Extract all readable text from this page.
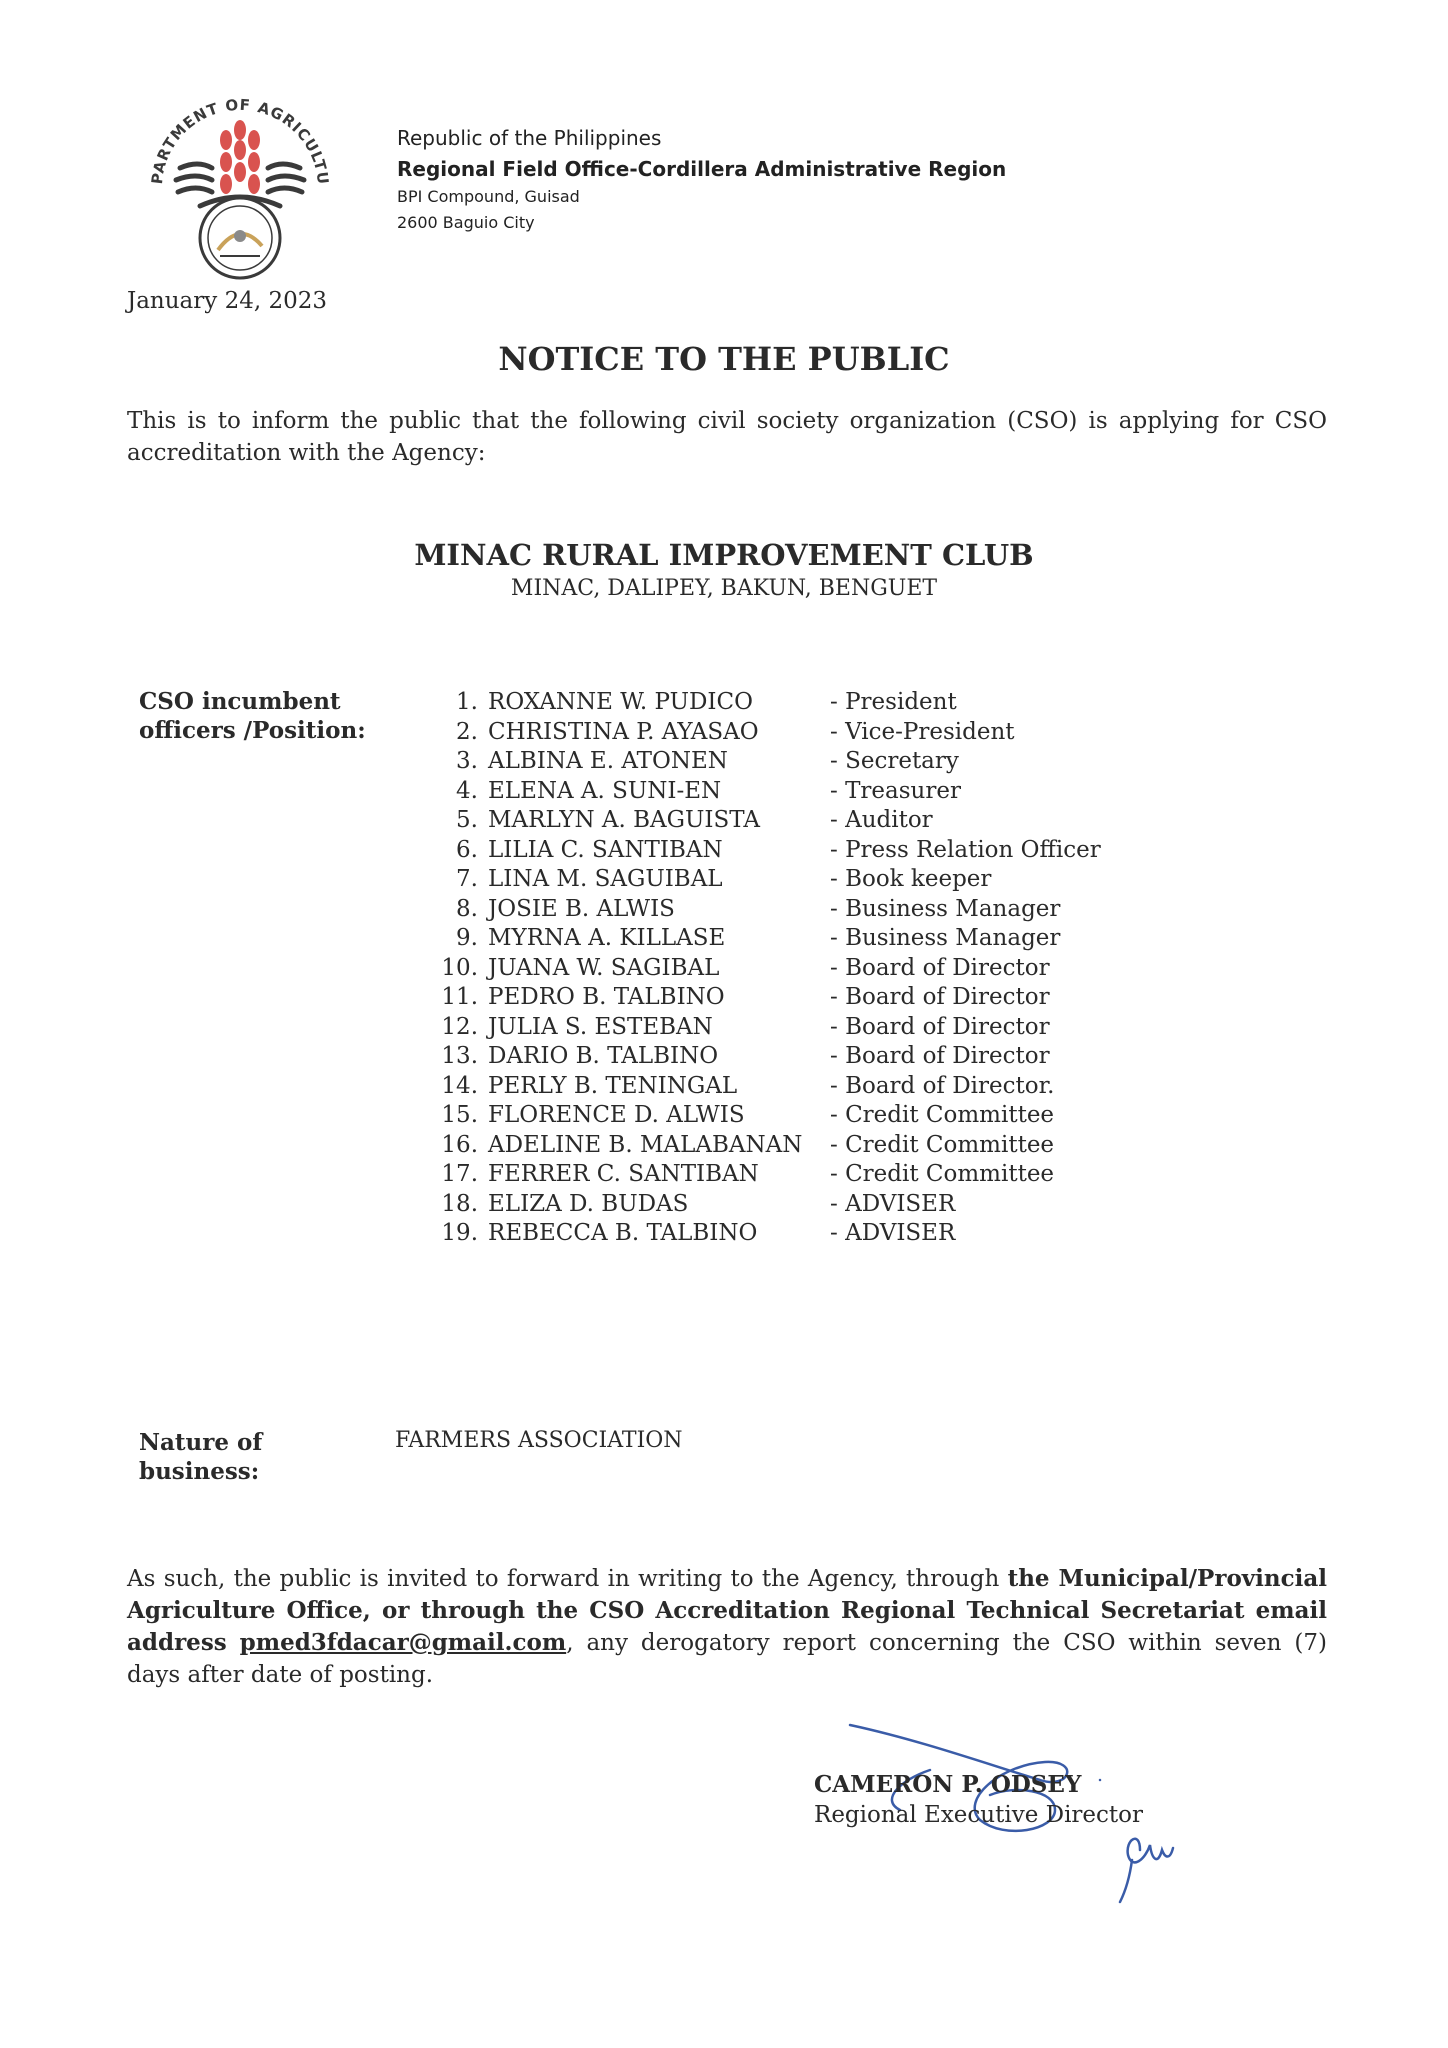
PARTMENT OF AGRICULTU
Republic of the Philippines
Regional Field Office-Cordillera Administrative Region
BPI Compound, Guisad
2600 Baguio City
January 24, 2023
NOTICE TO THE PUBLIC
This is to inform the public that the following civil society organization (CSO) is applying for CSO accreditation with the Agency:
MINAC RURAL IMPROVEMENT CLUB
MINAC, DALIPEY, BAKUN, BENGUET
CSO incumbent officers /Position:
1. ROXANNE W. PUDICO	- President
2. CHRISTINA P. AYASAO	- Vice-President
3. ALBINA E. ATONEN	- Secretary
4. ELENA A. SUNI-EN	- Treasurer
5. MARLYN A. BAGUISTA	- Auditor
6. LILIA C. SANTIBAN	- Press Relation Officer
7. LINA M. SAGUIBAL	- Book keeper
8. JOSIE B. ALWIS	- Business Manager
9. MYRNA A. KILLASE	- Business Manager
10. JUANA W. SAGIBAL	- Board of Director
11. PEDRO B. TALBINO	- Board of Director
12. JULIA S. ESTEBAN	- Board of Director
13. DARIO B. TALBINO	- Board of Director
14. PERLY B. TENINGAL	- Board of Director.
15. FLORENCE D. ALWIS	- Credit Committee
16. ADELINE B. MALABANAN	- Credit Committee
17. FERRER C. SANTIBAN	- Credit Committee
18. ELIZA D. BUDAS	- ADVISER
19. REBECCA B. TALBINO	- ADVISER
Nature of business:
FARMERS ASSOCIATION
As such, the public is invited to forward in writing to the Agency, through the Municipal/Provincial Agriculture Office, or through the CSO Accreditation Regional Technical Secretariat email address pmed3fdacar@gmail.com, any derogatory report concerning the CSO within seven (7) days after date of posting.
CAMERON P. ODSEY
Regional Executive Director
